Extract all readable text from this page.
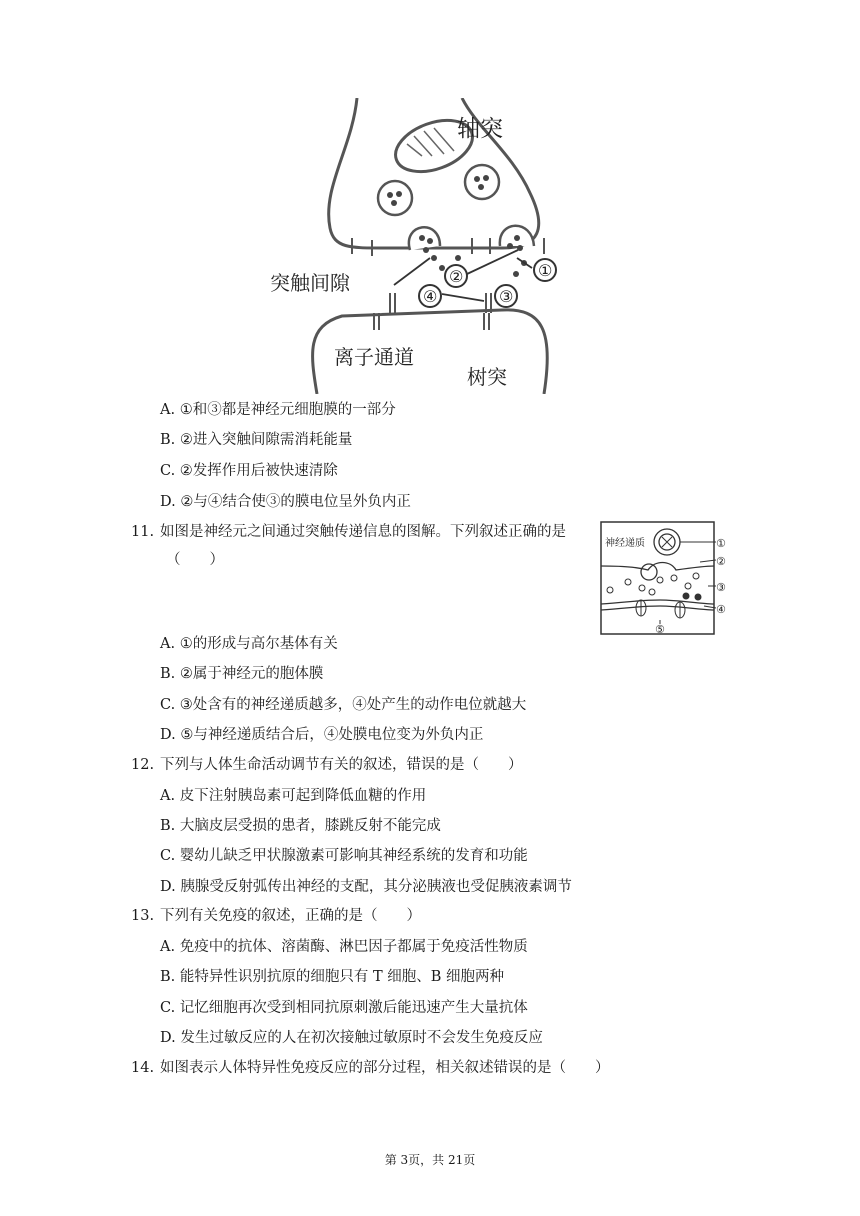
轴突
突触间隙
离子通道
树突
②
④	③
①
A. ①和③都是神经元细胞膜的一部分
B. ②进入突触间隙需消耗能量
C. ②发挥作用后被快速清除
D. ②与④结合使③的膜电位呈外负内正
11. 如图是神经元之间通过突触传递信息的图解。下列叙述正确的是
（　　）
神经递质	①
②
③
④
⑤
A. ①的形成与高尔基体有关
B. ②属于神经元的胞体膜
C. ③处含有的神经递质越多，④处产生的动作电位就越大
D. ⑤与神经递质结合后，④处膜电位变为外负内正
12. 下列与人体生命活动调节有关的叙述，错误的是（　　）
A. 皮下注射胰岛素可起到降低血糖的作用
B. 大脑皮层受损的患者，膝跳反射不能完成
C. 婴幼儿缺乏甲状腺激素可影响其神经系统的发育和功能
D. 胰腺受反射弧传出神经的支配，其分泌胰液也受促胰液素调节
13. 下列有关免疫的叙述，正确的是（　　）
A. 免疫中的抗体、溶菌酶、淋巴因子都属于免疫活性物质
B. 能特异性识别抗原的细胞只有 T 细胞、B 细胞两种
C. 记忆细胞再次受到相同抗原刺激后能迅速产生大量抗体
D. 发生过敏反应的人在初次接触过敏原时不会发生免疫反应
14. 如图表示人体特异性免疫反应的部分过程，相关叙述错误的是（　　）
第 3页，共 21页
